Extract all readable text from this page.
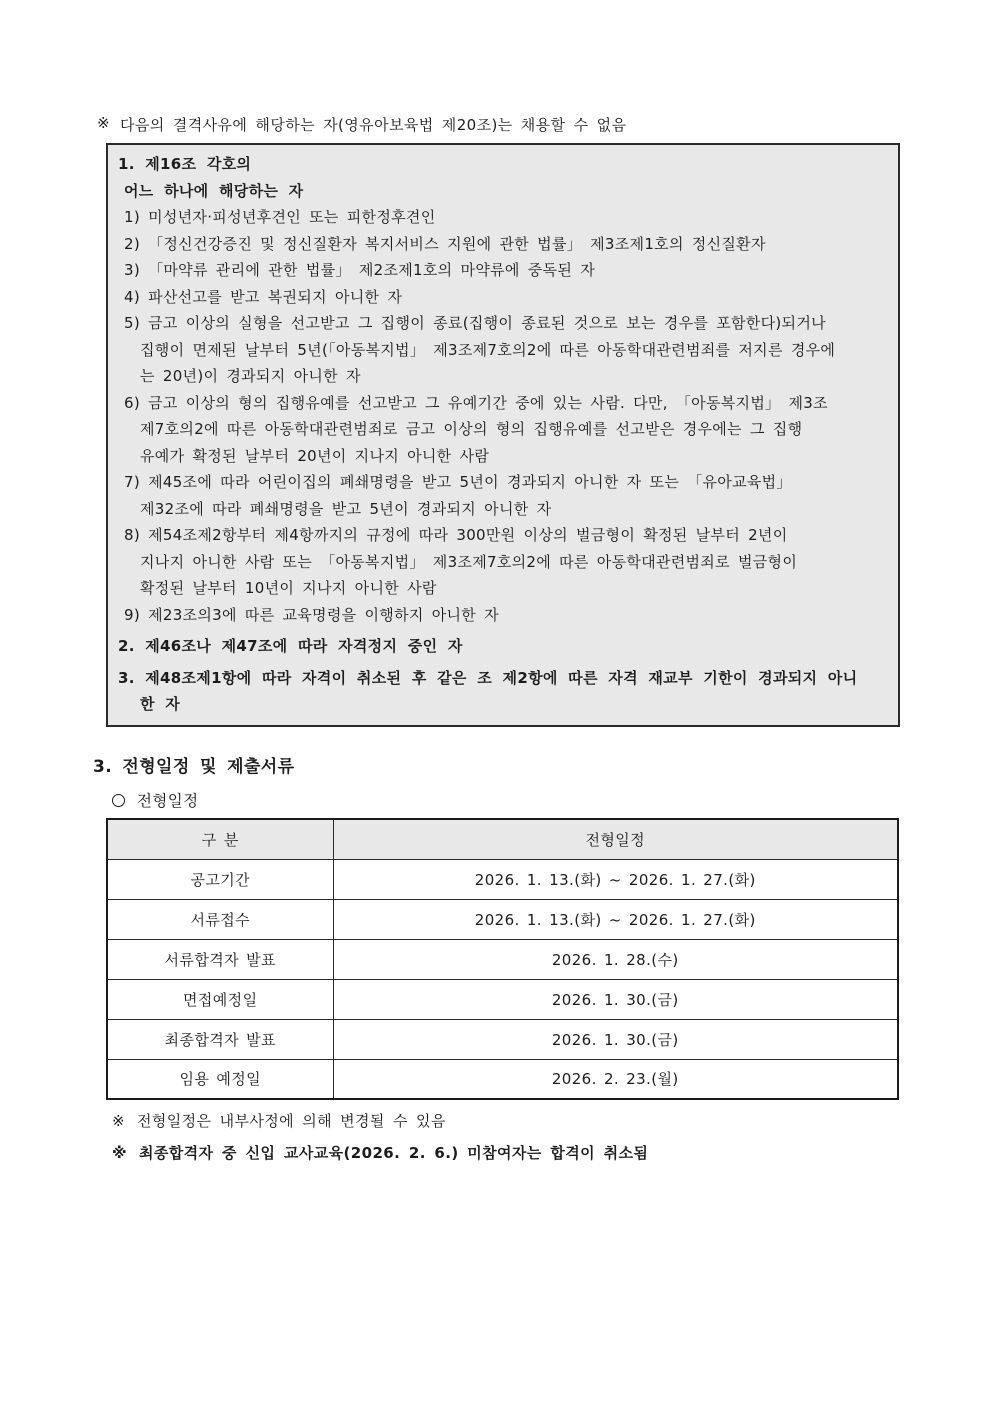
※ 다음의 결격사유에 해당하는 자(영유아보육법 제20조)는 채용할 수 없음
1. 제16조 각호의
어느 하나에 해당하는 자
1) 미성년자·피성년후견인 또는 피한정후견인
2) 「정신건강증진 및 정신질환자 복지서비스 지원에 관한 법률」 제3조제1호의 정신질환자
3) 「마약류 관리에 관한 법률」 제2조제1호의 마약류에 중독된 자
4) 파산선고를 받고 복권되지 아니한 자
5) 금고 이상의 실형을 선고받고 그 집행이 종료(집행이 종료된 것으로 보는 경우를 포함한다)되거나
집행이 면제된 날부터 5년(「아동복지법」 제3조제7호의2에 따른 아동학대관련범죄를 저지른 경우에
는 20년)이 경과되지 아니한 자
6) 금고 이상의 형의 집행유예를 선고받고 그 유예기간 중에 있는 사람. 다만, 「아동복지법」 제3조
제7호의2에 따른 아동학대관련범죄로 금고 이상의 형의 집행유예를 선고받은 경우에는 그 집행
유예가 확정된 날부터 20년이 지나지 아니한 사람
7) 제45조에 따라 어린이집의 폐쇄명령을 받고 5년이 경과되지 아니한 자 또는 「유아교육법」
제32조에 따라 폐쇄명령을 받고 5년이 경과되지 아니한 자
8) 제54조제2항부터 제4항까지의 규정에 따라 300만원 이상의 벌금형이 확정된 날부터 2년이
지나지 아니한 사람 또는 「아동복지법」 제3조제7호의2에 따른 아동학대관련범죄로 벌금형이
확정된 날부터 10년이 지나지 아니한 사람
9) 제23조의3에 따른 교육명령을 이행하지 아니한 자
2. 제46조나 제47조에 따라 자격정지 중인 자
3. 제48조제1항에 따라 자격이 취소된 후 같은 조 제2항에 따른 자격 재교부 기한이 경과되지 아니
한 자
3. 전형일정 및 제출서류
전형일정
구 분	전형일정
공고기간	2026. 1. 13.(화) ~ 2026. 1. 27.(화)
서류접수	2026. 1. 13.(화) ~ 2026. 1. 27.(화)
서류합격자 발표	2026. 1. 28.(수)
면접예정일	2026. 1. 30.(금)
최종합격자 발표	2026. 1. 30.(금)
임용 예정일	2026. 2. 23.(월)
※ 전형일정은 내부사정에 의해 변경될 수 있음
※ 최종합격자 중 신입 교사교육(2026. 2. 6.) 미참여자는 합격이 취소됨
